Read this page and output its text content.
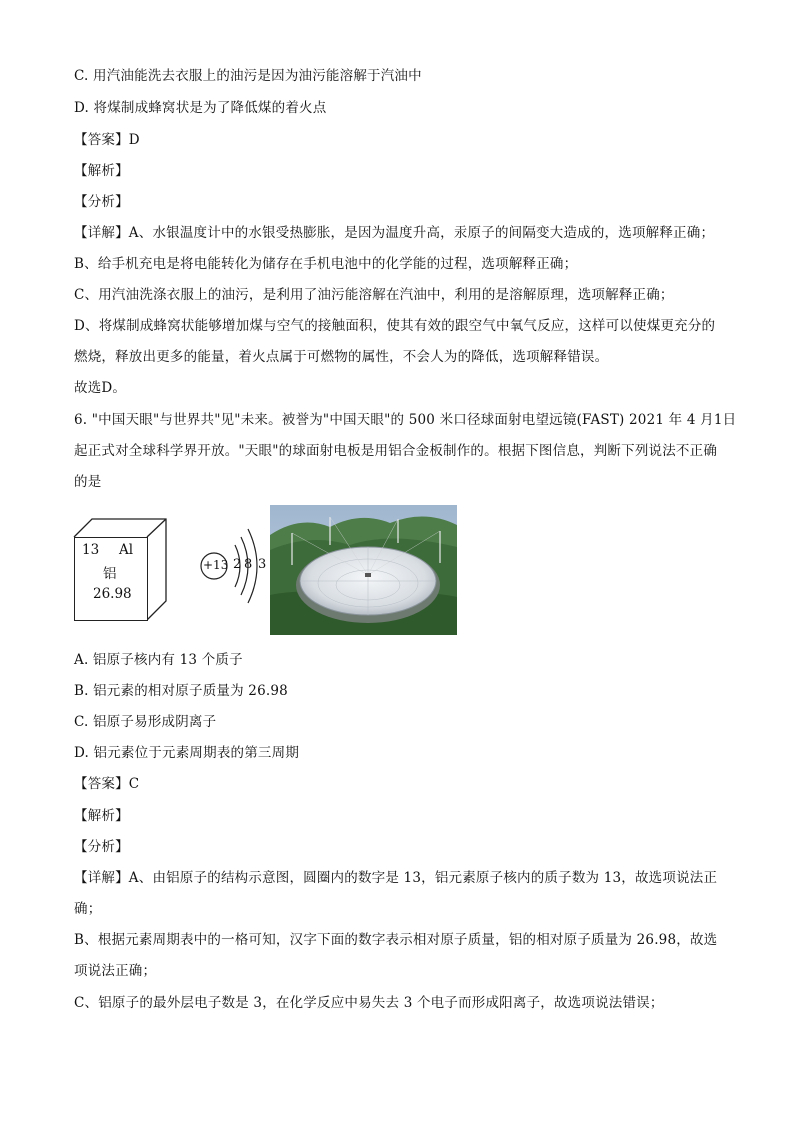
C. 用汽油能洗去衣服上的油污是因为油污能溶解于汽油中
D. 将煤制成蜂窝状是为了降低煤的着火点
【答案】D
【解析】
【分析】
【详解】A、水银温度计中的水银受热膨胀，是因为温度升高，汞原子的间隔变大造成的，选项解释正确；
B、给手机充电是将电能转化为储存在手机电池中的化学能的过程，选项解释正确；
C、用汽油洗涤衣服上的油污，是利用了油污能溶解在汽油中，利用的是溶解原理，选项解释正确；
D、将煤制成蜂窝状能够增加煤与空气的接触面积，使其有效的跟空气中氧气反应，这样可以使煤更充分的
燃烧，释放出更多的能量，着火点属于可燃物的属性，不会人为的降低，选项解释错误。
故选D。
6. "中国天眼"与世界共"见"未来。被誉为"中国天眼"的 500 米口径球面射电望远镜(FAST) 2021 年 4 月1日
起正式对全球科学界开放。"天眼"的球面射电板是用铝合金板制作的。根据下图信息，判断下列说法不正确
的是
A. 铝原子核内有 13 个质子
B. 铝元素的相对原子质量为 26.98
C. 铝原子易形成阴离子
D. 铝元素位于元素周期表的第三周期
【答案】C
【解析】
【分析】
【详解】A、由铝原子的结构示意图，圆圈内的数字是 13，铝元素原子核内的质子数为 13，故选项说法正
确；
B、根据元素周期表中的一格可知，汉字下面的数字表示相对原子质量，铝的相对原子质量为 26.98，故选
项说法正确；
C、铝原子的最外层电子数是 3，在化学反应中易失去 3 个电子而形成阳离子，故选项说法错误；
13 Al
铝
26.98
+13 2 8 3
